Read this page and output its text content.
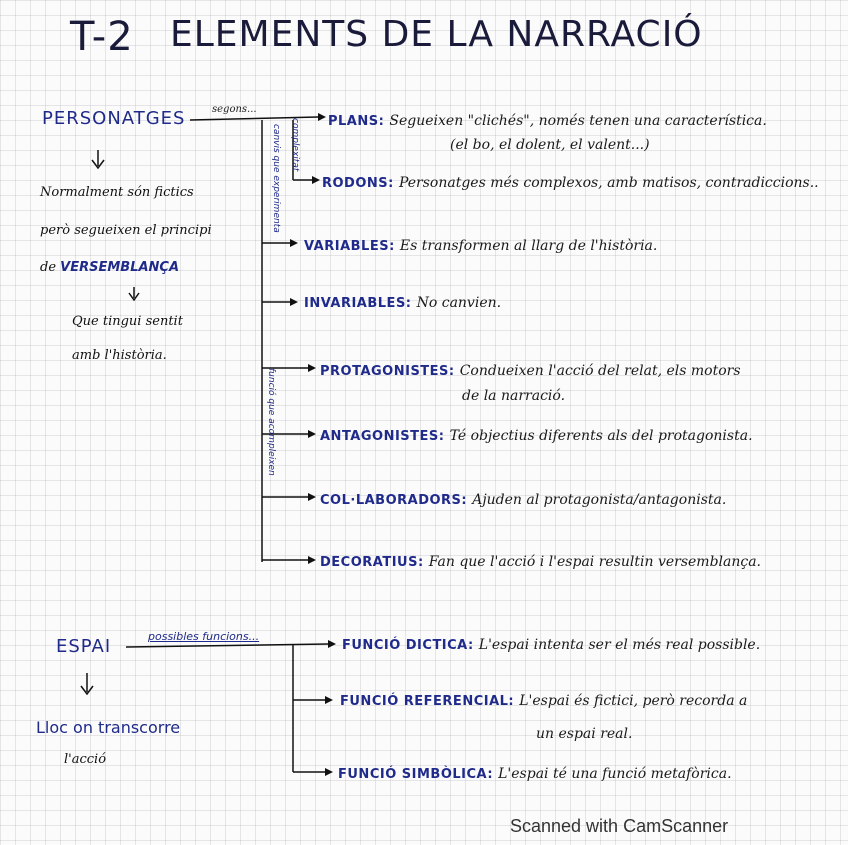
T-2 ELEMENTS DE LA NARRACIÓ
PERSONATGES	segons...
Normalment són fictics
però segueixen el principi
de VERSEMBLANÇA
Que tingui sentit
amb l'història.
complexitat
canvis que experimenta
funció que acompleixen
PLANS: Segueixen "clichés", només tenen una característica.
(el bo, el dolent, el valent...)
RODONS: Personatges més complexos, amb matisos, contradiccions..
VARIABLES: Es transformen al llarg de l'història.
INVARIABLES: No canvien.
PROTAGONISTES: Condueixen l'acció del relat, els motors
de la narració.
ANTAGONISTES: Té objectius diferents als del protagonista.
COL·LABORADORS: Ajuden al protagonista/antagonista.
DECORATIUS: Fan que l'acció i l'espai resultin versemblança.
ESPAI	possibles funcions...
Lloc on transcorre
l'acció
FUNCIÓ DICTICA: L'espai intenta ser el més real possible.
FUNCIÓ REFERENCIAL: L'espai és fictici, però recorda a
un espai real.
FUNCIÓ SIMBÒLICA: L'espai té una funció metafòrica.
Scanned with CamScanner
